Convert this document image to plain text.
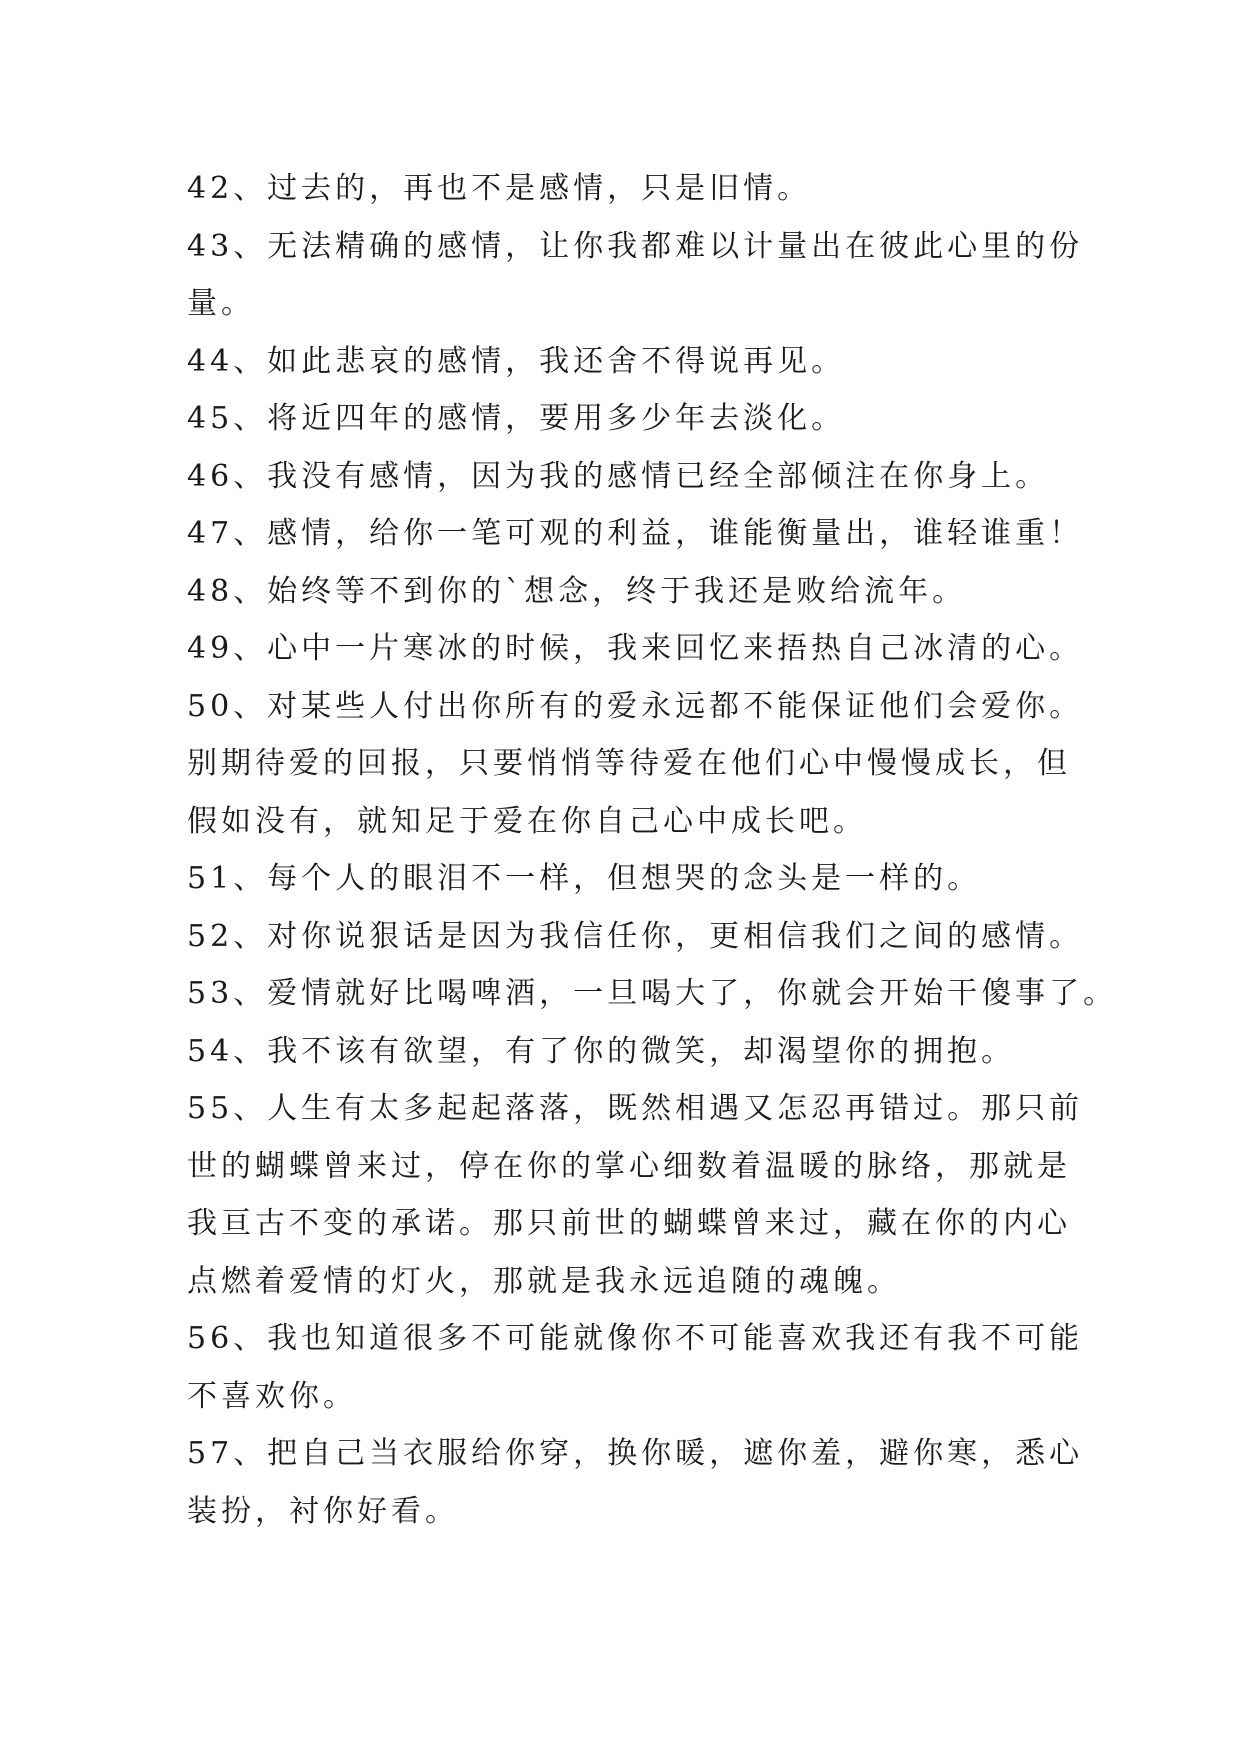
42、过去的，再也不是感情，只是旧情。
43、无法精确的感情，让你我都难以计量出在彼此心里的份
量。
44、如此悲哀的感情，我还舍不得说再见。
45、将近四年的感情，要用多少年去淡化。
46、我没有感情，因为我的感情已经全部倾注在你身上。
47、感情，给你一笔可观的利益，谁能衡量出，谁轻谁重！
48、始终等不到你的`想念，终于我还是败给流年。
49、心中一片寒冰的时候，我来回忆来捂热自己冰清的心。
50、对某些人付出你所有的爱永远都不能保证他们会爱你。
别期待爱的回报，只要悄悄等待爱在他们心中慢慢成长，但
假如没有，就知足于爱在你自己心中成长吧。
51、每个人的眼泪不一样，但想哭的念头是一样的。
52、对你说狠话是因为我信任你，更相信我们之间的感情。
53、爱情就好比喝啤酒，一旦喝大了，你就会开始干傻事了。
54、我不该有欲望，有了你的微笑，却渴望你的拥抱。
55、人生有太多起起落落，既然相遇又怎忍再错过。那只前
世的蝴蝶曾来过，停在你的掌心细数着温暖的脉络，那就是
我亘古不变的承诺。那只前世的蝴蝶曾来过，藏在你的内心
点燃着爱情的灯火，那就是我永远追随的魂魄。
56、我也知道很多不可能就像你不可能喜欢我还有我不可能
不喜欢你。
57、把自己当衣服给你穿，换你暖，遮你羞，避你寒，悉心
装扮，衬你好看。
